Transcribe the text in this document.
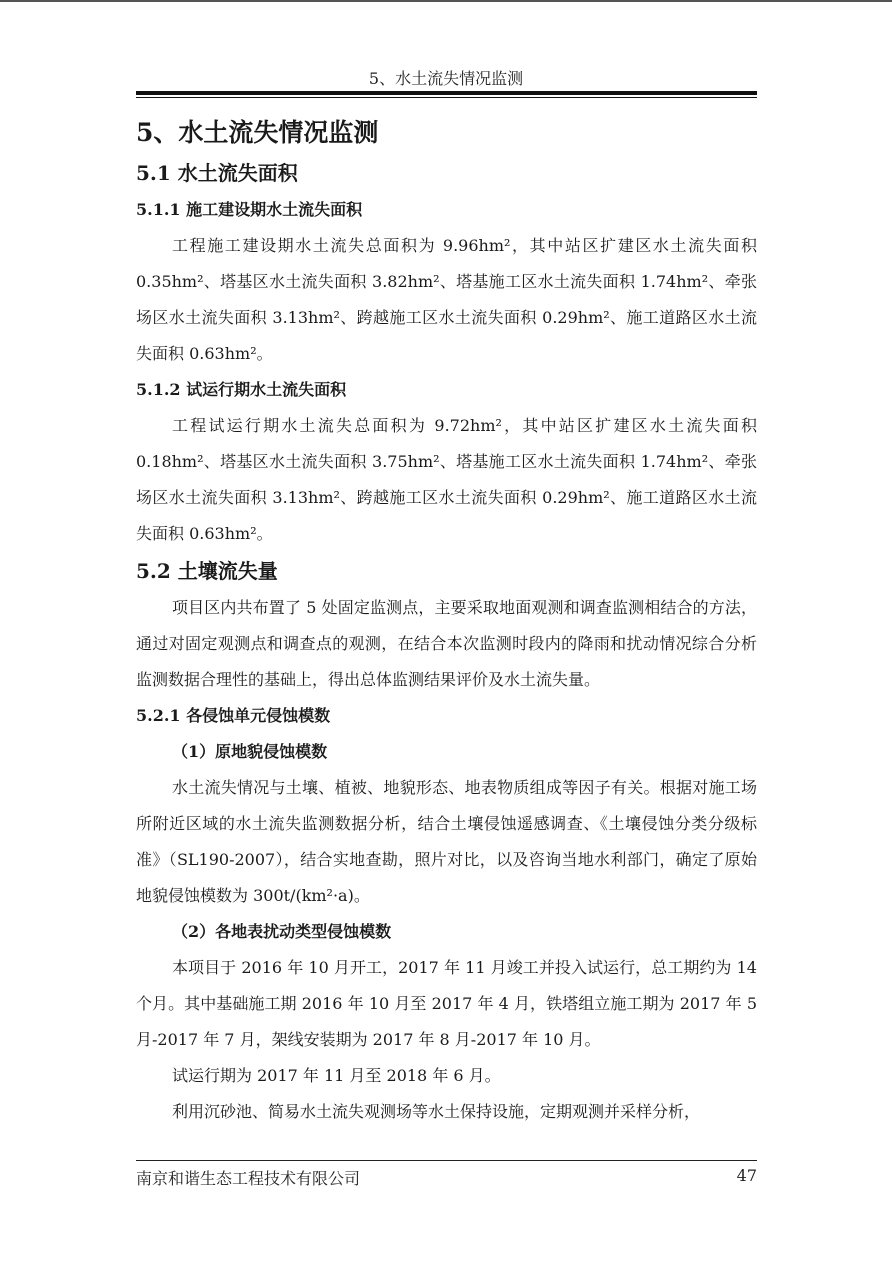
5、水土流失情况监测
5、水土流失情况监测
5.1 水土流失面积
5.1.1 施工建设期水土流失面积

工程施工建设期水土流失总面积为 9.96hm²，其中站区扩建区水土流失面积 0.35hm²、塔基区水土流失面积 3.82hm²、塔基施工区水土流失面积 1.74hm²、牵张场区水土流失面积 3.13hm²、跨越施工区水土流失面积 0.29hm²、施工道路区水土流失面积 0.63hm²。

5.1.2 试运行期水土流失面积

工程试运行期水土流失总面积为 9.72hm²，其中站区扩建区水土流失面积 0.18hm²、塔基区水土流失面积 3.75hm²、塔基施工区水土流失面积 1.74hm²、牵张场区水土流失面积 3.13hm²、跨越施工区水土流失面积 0.29hm²、施工道路区水土流失面积 0.63hm²。

5.2 土壤流失量

项目区内共布置了 5 处固定监测点，主要采取地面观测和调查监测相结合的方法，通过对固定观测点和调查点的观测，在结合本次监测时段内的降雨和扰动情况综合分析监测数据合理性的基础上，得出总体监测结果评价及水土流失量。

5.2.1 各侵蚀单元侵蚀模数
（1）原地貌侵蚀模数

水土流失情况与土壤、植被、地貌形态、地表物质组成等因子有关。根据对施工场所附近区域的水土流失监测数据分析，结合土壤侵蚀遥感调查、《土壤侵蚀分类分级标准》（SL190-2007），结合实地查勘，照片对比，以及咨询当地水利部门，确定了原始地貌侵蚀模数为 300t/(km²·a)。

（2）各地表扰动类型侵蚀模数

本项目于 2016 年 10 月开工，2017 年 11 月竣工并投入试运行，总工期约为 14 个月。其中基础施工期 2016 年 10 月至 2017 年 4 月，铁塔组立施工期为 2017 年 5 月-2017 年 7 月，架线安装期为 2017 年 8 月-2017 年 10 月。

试运行期为 2017 年 11 月至 2018 年 6 月。

利用沉砂池、简易水土流失观测场等水土保持设施，定期观测并采样分析，

南京和谐生态工程技术有限公司	47
